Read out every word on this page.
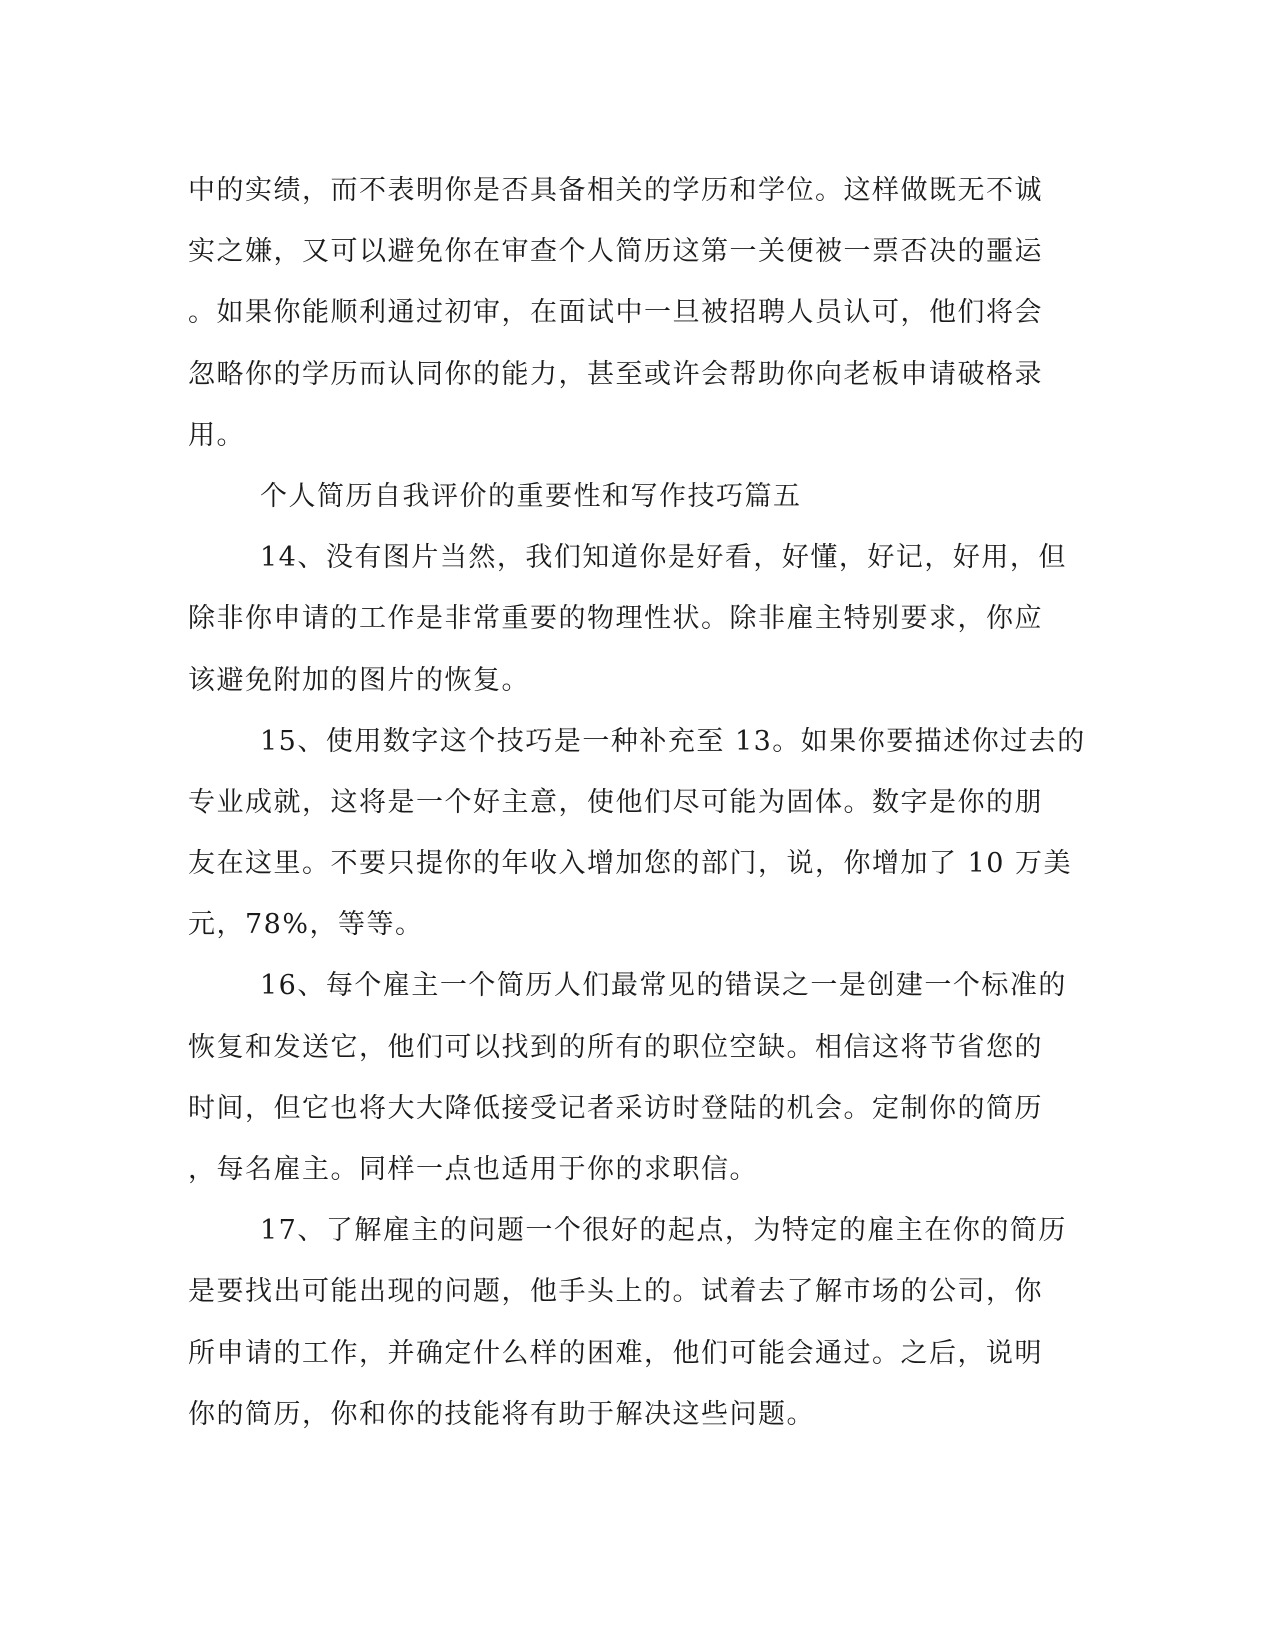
中的实绩，而不表明你是否具备相关的学历和学位。这样做既无不诚
实之嫌，又可以避免你在审查个人简历这第一关便被一票否决的噩运
。如果你能顺利通过初审，在面试中一旦被招聘人员认可，他们将会
忽略你的学历而认同你的能力，甚至或许会帮助你向老板申请破格录
用。
个人简历自我评价的重要性和写作技巧篇五
14、没有图片当然，我们知道你是好看，好懂，好记，好用，但
除非你申请的工作是非常重要的物理性状。除非雇主特别要求，你应
该避免附加的图片的恢复。
15、使用数字这个技巧是一种补充至 13。如果你要描述你过去的
专业成就，这将是一个好主意，使他们尽可能为固体。数字是你的朋
友在这里。不要只提你的年收入增加您的部门，说，你增加了 10 万美
元，78%，等等。
16、每个雇主一个简历人们最常见的错误之一是创建一个标准的
恢复和发送它，他们可以找到的所有的职位空缺。相信这将节省您的
时间，但它也将大大降低接受记者采访时登陆的机会。定制你的简历
，每名雇主。同样一点也适用于你的求职信。
17、了解雇主的问题一个很好的起点，为特定的雇主在你的简历
是要找出可能出现的问题，他手头上的。试着去了解市场的公司，你
所申请的工作，并确定什么样的困难，他们可能会通过。之后，说明
你的简历，你和你的技能将有助于解决这些问题。
